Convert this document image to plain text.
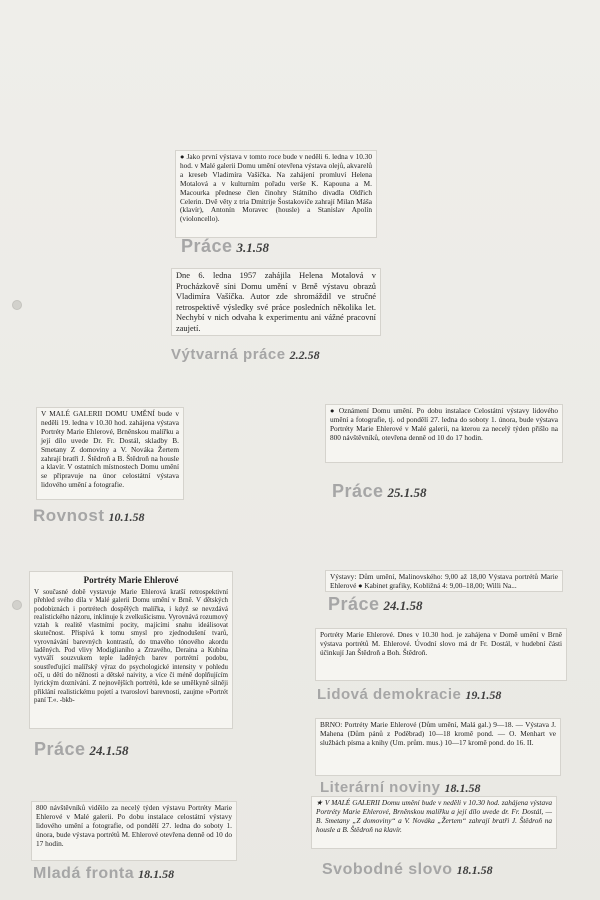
● Jako první výstava v tomto roce bude v neděli 6. ledna v 10.30 hod. v Malé galerii Domu umění otevřena výstava olejů, akvarelů a kreseb Vladimíra Vašíčka. Na zahájení promluví Helena Motalová a v kulturním pořadu verše K. Kapouna a M. Macourka přednese člen činohry Státního divadla Oldřich Celerin. Dvě věty z tria Dmitrije Šostakoviče zahrají Milan Máša (klavír), Antonín Moravec (housle) a Stanislav Apolín (violoncello).

Práce 3.1.58

Dne 6. ledna 1957 zahájila Helena Motalová v Procházkově síni Domu umění v Brně výstavu obrazů Vladimíra Vašíčka. Autor zde shromáždil ve stručné retrospektivě výsledky své práce posledních několika let. Nechybí v nich odvaha k experimentu ani vážné pracovní zaujetí.

Výtvarná práce 2.2.58

V MALÉ GALERII DOMU UMĚNÍ bude v neděli 19. ledna v 10.30 hod. zahájena výstava Portréty Marie Ehlerové, Brněnskou malířku a její dílo uvede Dr. Fr. Dostál, skladby B. Smetany Z domoviny a V. Nováka Žertem zahrají bratři J. Štědroň a B. Štědroň na housle a klavír. V ostatních místnostech Domu umění se připravuje na únor celostátní výstava lidového umění a fotografie.

Rovnost 10.1.58

● Oznámení Domu umění. Po dobu instalace Celostátní výstavy lidového umění a fotografie, tj. od pondělí 27. ledna do soboty 1. února, bude výstava Portréty Marie Ehlerové v Malé galerii, na kterou za necelý týden přišlo na 800 návštěvníků, otevřena denně od 10 do 17 hodin.

Práce 25.1.58
Portréty Marie Ehlerové

V současné době vystavuje Marie Ehlerová kratší retrospektivní přehled svého díla v Malé galerii Domu umění v Brně. V dětských podobiznách i portrétech dospělých malířka, i když se nevzdává realistického názoru, inklinuje k zvelkušicismu. Vyrovnává rozumový vztah k realitě vlastními pocity, majícími snahu ideálisovat skutečnost. Přispívá k tomu smysl pro zjednodušení tvarů, vyrovnávání barevných kontrastů, do tmavého tónového akordu laděných. Pod vlivy Modiglianiho a Zrzavého, Deraina a Kubína vytváří souzvukem teple laděných barev portrétní podobu, soustřeďující malířský výraz do psychologické intensity v pohledu očí, u dětí do něžnosti a dětské naivity, a více či méně doplňujícím lyrickým doznívání. Z nejnovějších portrétů, kde se umělkyně silněji přiklání realistickému pojetí a tvarosloví barevnosti, zaujme »Portrét paní T.«. -bkb-

Práce 24.1.58

Výstavy: Dům umění, Malinovského: 9,00 až 18,00 Výstava portrétů Marie Ehlerové ● Kabinet grafiky, Kobližná 4: 9,00–18,00; Willi Na...

Práce 24.1.58

Portréty Marie Ehlerové. Dnes v 10.30 hod. je zahájena v Domě umění v Brně výstava portrétů M. Ehlerové. Úvodní slovo má dr Fr. Dostál, v hudební části účinkují Jan Štědroň a Boh. Štědroň.

Lidová demokracie 19.1.58

BRNO: Portréty Marie Ehlerové (Dům umění, Malá gal.) 9—18. — Výstava J. Mahena (Dům pánů z Poděbrad) 10—18 kromě pond. — O. Menhart ve službách písma a knihy (Um. prům. mus.) 10—17 kromě pond. do 16. II.

Literární noviny 18.1.58

800 návštěvníků viděilo za necelý týden výstavu Portréty Marie Ehlerové v Malé galerii. Po dobu instalace celostátní výstavy lidového umění a fotografie, od pondělí 27. ledna do soboty 1. února, bude výstava portrétů M. Ehlerové otevřena denně od 10 do 17 hodin.

Mladá fronta 18.1.58

★ V MALÉ GALERII Domu umění bude v neděli v 10.30 hod. zahájena výstava Portréty Marie Ehlerové, Brněnskou malířku a její dílo uvede dr. Fr. Dostál, — B. Smetany „Z domoviny“ a V. Nováka „Žertem“ zahrají bratři J. Štědroň na housle a B. Štědroň na klavír.

Svobodné slovo 18.1.58
